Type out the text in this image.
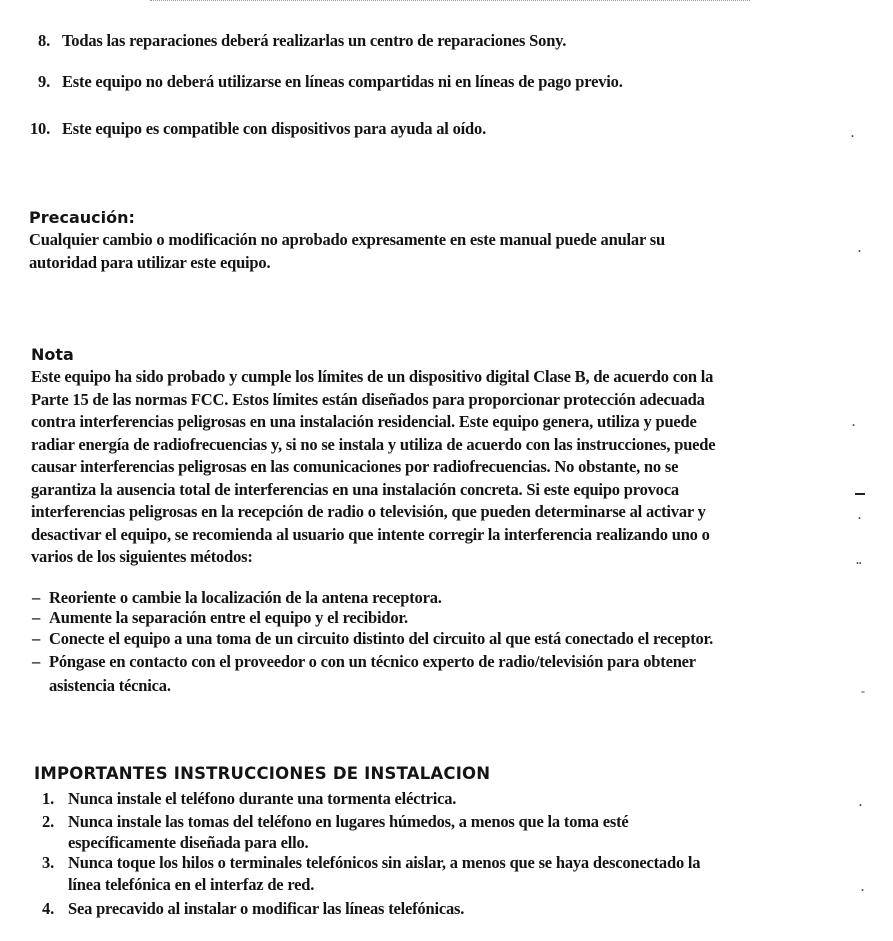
8. Todas las reparaciones deberá realizarlas un centro de reparaciones Sony.
9. Este equipo no deberá utilizarse en líneas compartidas ni en líneas de pago previo.
10. Este equipo es compatible con dispositivos para ayuda al oído.
Precaución:
Cualquier cambio o modificación no aprobado expresamente en este manual puede anular su
autoridad para utilizar este equipo.
Nota
Este equipo ha sido probado y cumple los límites de un dispositivo digital Clase B, de acuerdo con la
Parte 15 de las normas FCC. Estos límites están diseñados para proporcionar protección adecuada
contra interferencias peligrosas en una instalación residencial. Este equipo genera, utiliza y puede
radiar energía de radiofrecuencias y, si no se instala y utiliza de acuerdo con las instrucciones, puede
causar interferencias peligrosas en las comunicaciones por radiofrecuencias. No obstante, no se
garantiza la ausencia total de interferencias en una instalación concreta. Si este equipo provoca
interferencias peligrosas en la recepción de radio o televisión, que pueden determinarse al activar y
desactivar el equipo, se recomienda al usuario que intente corregir la interferencia realizando uno o
varios de los siguientes métodos:
– Reoriente o cambie la localización de la antena receptora.
– Aumente la separación entre el equipo y el recibidor.
– Conecte el equipo a una toma de un circuito distinto del circuito al que está conectado el receptor.
– Póngase en contacto con el proveedor o con un técnico experto de radio/televisión para obtener
asistencia técnica.
IMPORTANTES INSTRUCCIONES DE INSTALACION
1. Nunca instale el teléfono durante una tormenta eléctrica.
2. Nunca instale las tomas del teléfono en lugares húmedos, a menos que la toma esté
específicamente diseñada para ello.
3. Nunca toque los hilos o terminales telefónicos sin aislar, a menos que se haya desconectado la
línea telefónica en el interfaz de red.
4. Sea precavido al instalar o modificar las líneas telefónicas.
.
.
.
.
..
-
.
.
